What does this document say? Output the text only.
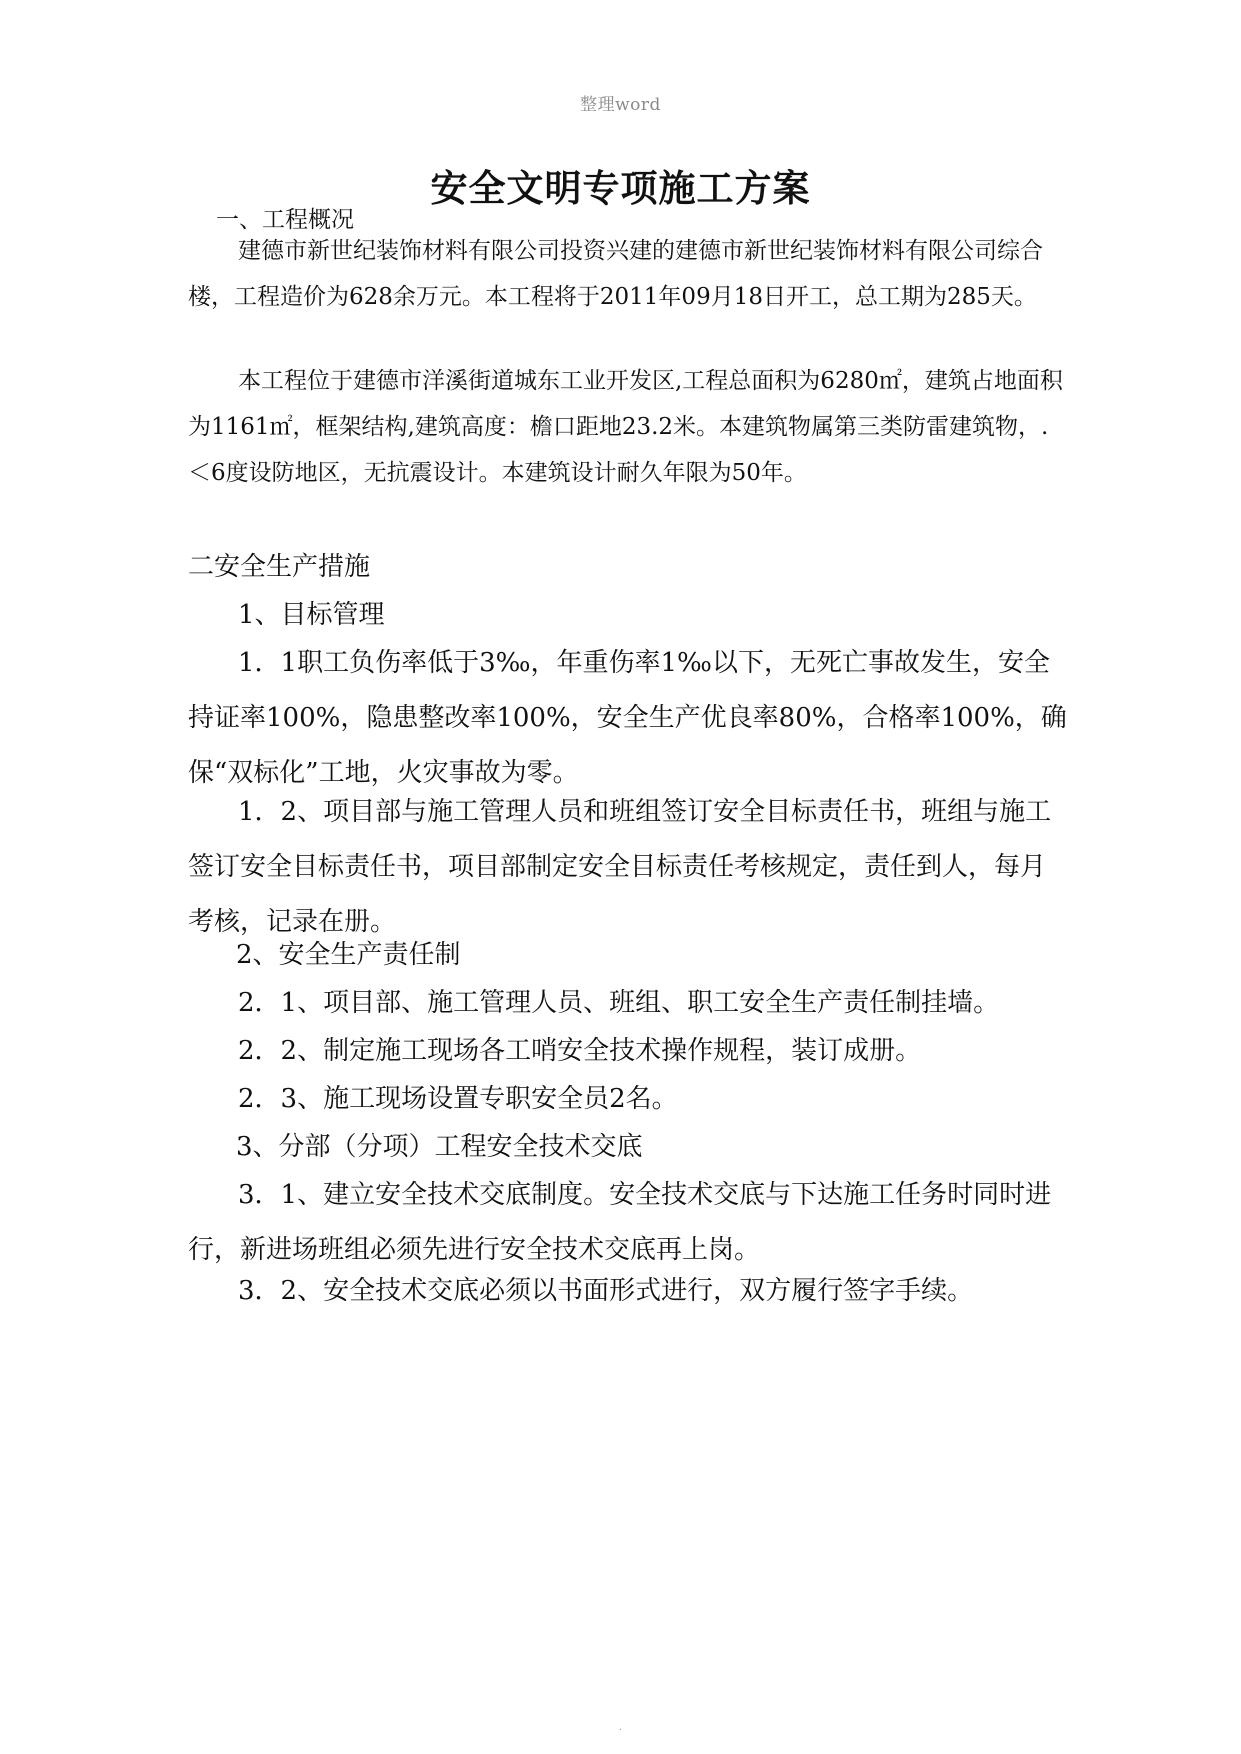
整理word
安全文明专项施工方案

一、工程概况

建德市新世纪装饰材料有限公司投资兴建的建德市新世纪装饰材料有限公司综合楼，工程造价为628余万元。本工程将于2011年09月18日开工，总工期为285天。

本工程位于建德市洋溪街道城东工业开发区,工程总面积为6280㎡，建筑占地面积为1161㎡，框架结构,建筑高度：檐口距地23.2米。本建筑物属第三类防雷建筑物，.＜6度设防地区，无抗震设计。本建筑设计耐久年限为50年。

二安全生产措施

1、目标管理

1．1职工负伤率低于3‰，年重伤率1‰以下，无死亡事故发生，安全持证率100%，隐患整改率100%，安全生产优良率80%，合格率100%，确保“双标化”工地，火灾事故为零。

1．2、项目部与施工管理人员和班组签订安全目标责任书，班组与施工签订安全目标责任书，项目部制定安全目标责任考核规定，责任到人，每月考核，记录在册。

2、安全生产责任制

2．1、项目部、施工管理人员、班组、职工安全生产责任制挂墙。

2．2、制定施工现场各工哨安全技术操作规程，装订成册。

2．3、施工现场设置专职安全员2名。

3、分部（分项）工程安全技术交底

3．1、建立安全技术交底制度。安全技术交底与下达施工任务时同时进行，新进场班组必须先进行安全技术交底再上岗。

3．2、安全技术交底必须以书面形式进行，双方履行签字手续。

.
